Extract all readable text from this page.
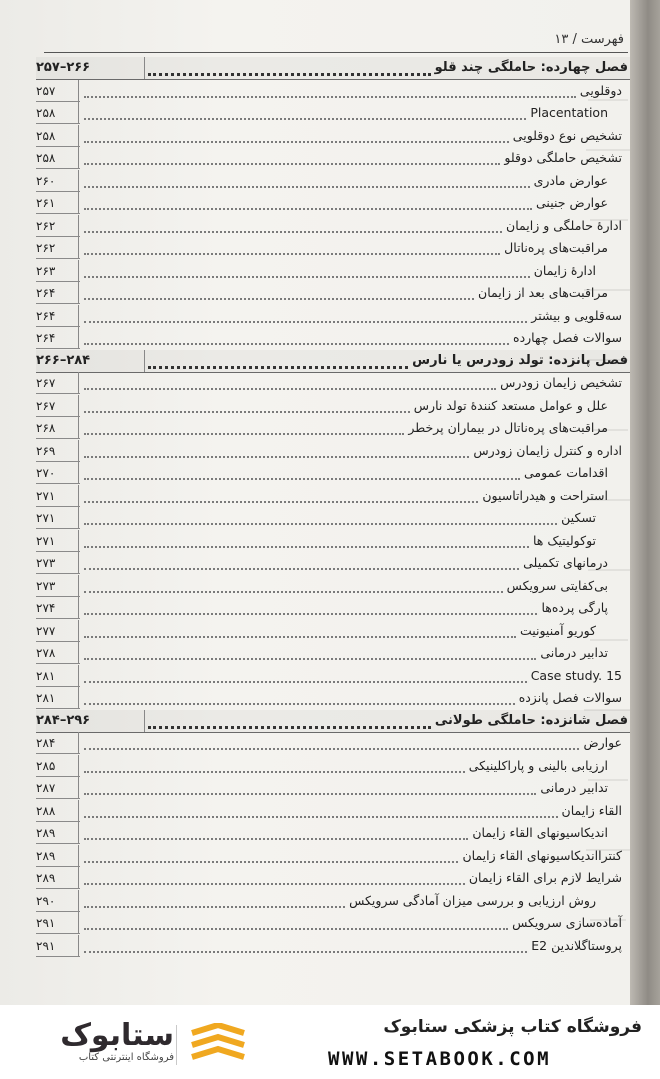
فهرست / ۱۳
۲۶۶–۲۵۷	فصل چهارده: حاملگی چند قلو
۲۵۷	دوقلویی
۲۵۸	Placentation
۲۵۸	تشخیص نوع دوقلویی
۲۵۸	تشخیص حاملگی دوقلو
۲۶۰	عوارض مادری
۲۶۱	عوارض جنینی
۲۶۲	ادارهٔ حاملگی و زایمان
۲۶۲	مراقبت‌های پره‌ناتال
۲۶۳	ادارهٔ زایمان
۲۶۴	مراقبت‌های بعد از زایمان
۲۶۴	سه‌قلویی و بیشتر
۲۶۴	سوالات فصل چهارده
۲۸۴–۲۶۶	فصل پانزده: تولد زودرس یا نارس
۲۶۷	تشخیص زایمان زودرس
۲۶۷	علل و عوامل مستعد کنندهٔ تولد نارس
۲۶۸	مراقبت‌های پره‌ناتال در بیماران پرخطر
۲۶۹	اداره و کنترل زایمان زودرس
۲۷۰	اقدامات عمومی
۲۷۱	استراحت و هیدراتاسیون
۲۷۱	تسکین
۲۷۱	توکولیتیک ها
۲۷۳	درمانهای تکمیلی
۲۷۳	بی‌کفایتی سرویکس
۲۷۴	پارگی پرده‌ها
۲۷۷	کوریو آمنیونیت
۲۷۸	تدابیر درمانی
۲۸۱	Case study. 15
۲۸۱	سوالات فصل پانزده
۲۹۶–۲۸۴	فصل شانزده: حاملگی طولانی
۲۸۴	عوارض
۲۸۵	ارزیابی بالینی و پاراکلینیکی
۲۸۷	تدابیر درمانی
۲۸۸	القاء زایمان
۲۸۹	اندیکاسیونهای القاء زایمان
۲۸۹	کنترااندیکاسیونهای القاء زایمان
۲۸۹	شرایط لازم برای القاء زایمان
۲۹۰	روش ارزیابی و بررسی میزان آمادگی سرویکس
۲۹۱	آماده‌سازی سرویکس
۲۹۱	پروستاگلاندین E2
فروشگاه کتاب پزشکی ستابوک
WWW.SETABOOK.COM
ستابوک
فروشگاه اینترنتی کتاب
